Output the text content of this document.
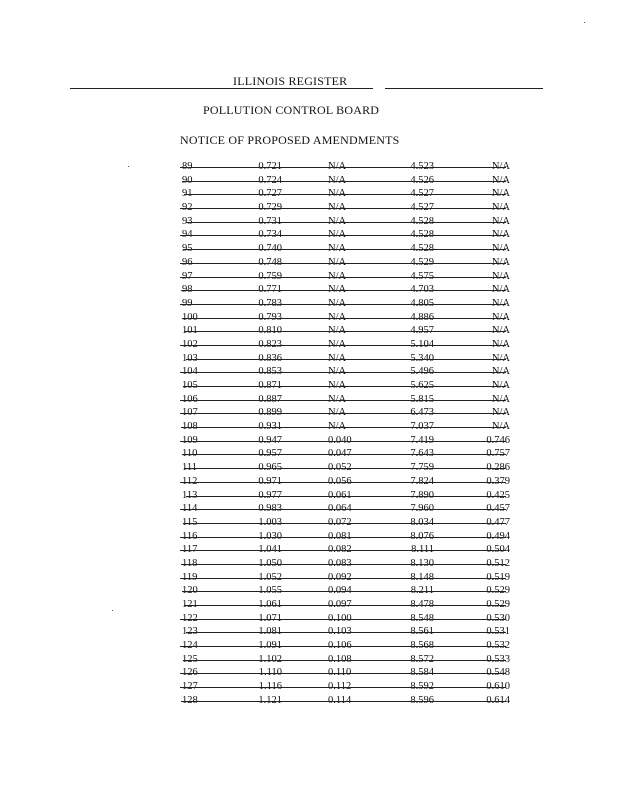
ILLINOIS REGISTER
POLLUTION CONTROL BOARD
NOTICE OF PROPOSED AMENDMENTS
89	0.721	N/A	4.523	N/A
90	0.724	N/A	4.526	N/A
91	0.727	N/A	4.527	N/A
92	0.729	N/A	4.527	N/A
93	0.731	N/A	4.528	N/A
94	0.734	N/A	4.528	N/A
95	0.740	N/A	4.528	N/A
96	0.748	N/A	4.529	N/A
97	0.759	N/A	4.575	N/A
98	0.771	N/A	4.703	N/A
99	0.783	N/A	4.805	N/A
100	0.793	N/A	4.886	N/A
101	0.810	N/A	4.957	N/A
102	0.823	N/A	5.104	N/A
103	0.836	N/A	5.340	N/A
104	0.853	N/A	5.496	N/A
105	0.871	N/A	5.625	N/A
106	0.887	N/A	5.815	N/A
107	0.899	N/A	6.473	N/A
108	0.931	N/A	7.037	N/A
109	0.947	0.040	7.419	0.746
110	0.957	0.047	7.643	0.757
111	0.965	0.052	7.759	0.286
112	0.971	0.056	7.824	0.379
113	0.977	0.061	7.890	0.425
114	0.983	0.064	7.960	0.457
115	1.003	0.072	8.034	0.477
116	1.030	0.081	8.076	0.494
117	1.041	0.082	8.111	0.504
118	1.050	0.083	8.130	0.512
119	1.052	0.092	8.148	0.519
120	1.055	0.094	8.211	0.529
121	1.061	0.097	8.478	0.529
122	1.071	0.100	8.548	0.530
123	1.081	0.103	8.561	0.531
124	1.091	0.106	8.568	0.532
125	1.102	0.108	8.572	0.533
126	1.110	0.110	8.584	0.548
127	1.116	0.112	8.592	0.610
128	1.121	0.114	8.596	0.614
